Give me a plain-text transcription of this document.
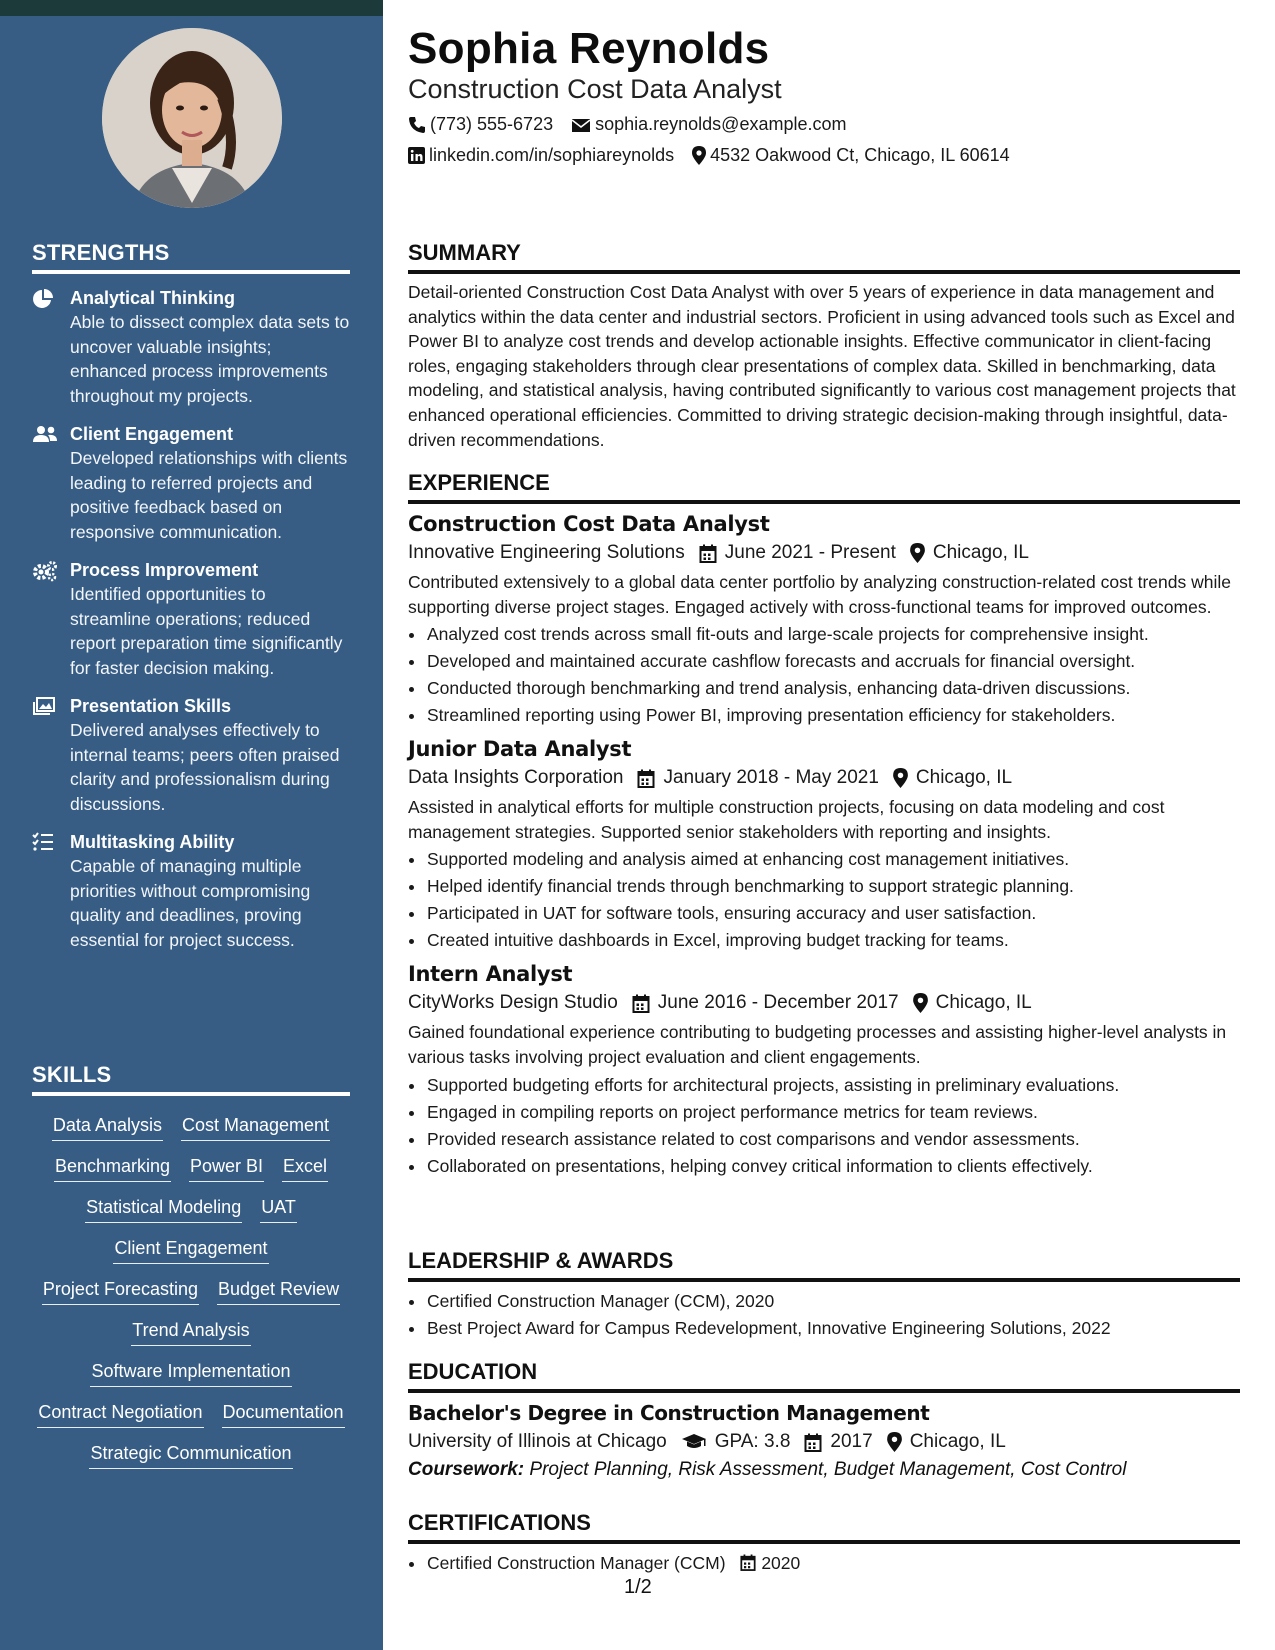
STRENGTHS
Analytical Thinking
Able to dissect complex data sets to uncover valuable insights; enhanced process improvements throughout my projects.
Client Engagement
Developed relationships with clients leading to referred projects and positive feedback based on responsive communication.
Process Improvement
Identified opportunities to streamline operations; reduced report preparation time significantly for faster decision making.
Presentation Skills
Delivered analyses effectively to internal teams; peers often praised clarity and professionalism during discussions.
Multitasking Ability
Capable of managing multiple priorities without compromising quality and deadlines, proving essential for project success.
SKILLS
Data Analysis Cost Management
Benchmarking Power BI Excel
Statistical Modeling UAT
Client Engagement
Project Forecasting Budget Review
Trend Analysis
Software Implementation
Contract Negotiation Documentation
Strategic Communication
Sophia Reynolds
Construction Cost Data Analyst
(773) 555-6723 sophia.reynolds@example.com
linkedin.com/in/sophiareynolds 4532 Oakwood Ct, Chicago, IL 60614
SUMMARY
Detail-oriented Construction Cost Data Analyst with over 5 years of experience in data management and analytics within the data center and industrial sectors. Proficient in using advanced tools such as Excel and Power BI to analyze cost trends and develop actionable insights. Effective communicator in client-facing roles, engaging stakeholders through clear presentations of complex data. Skilled in benchmarking, data modeling, and statistical analysis, having contributed significantly to various cost management projects that enhanced operational efficiencies. Committed to driving strategic decision-making through insightful, data-driven recommendations.
EXPERIENCE
Construction Cost Data Analyst
Innovative Engineering Solutions June 2021 - Present Chicago, IL
Contributed extensively to a global data center portfolio by analyzing construction-related cost trends while supporting diverse project stages. Engaged actively with cross-functional teams for improved outcomes.
• Analyzed cost trends across small fit-outs and large-scale projects for comprehensive insight.
• Developed and maintained accurate cashflow forecasts and accruals for financial oversight.
• Conducted thorough benchmarking and trend analysis, enhancing data-driven discussions.
• Streamlined reporting using Power BI, improving presentation efficiency for stakeholders.
Junior Data Analyst
Data Insights Corporation January 2018 - May 2021 Chicago, IL
Assisted in analytical efforts for multiple construction projects, focusing on data modeling and cost management strategies. Supported senior stakeholders with reporting and insights.
• Supported modeling and analysis aimed at enhancing cost management initiatives.
• Helped identify financial trends through benchmarking to support strategic planning.
• Participated in UAT for software tools, ensuring accuracy and user satisfaction.
• Created intuitive dashboards in Excel, improving budget tracking for teams.
Intern Analyst
CityWorks Design Studio June 2016 - December 2017 Chicago, IL
Gained foundational experience contributing to budgeting processes and assisting higher-level analysts in various tasks involving project evaluation and client engagements.
• Supported budgeting efforts for architectural projects, assisting in preliminary evaluations.
• Engaged in compiling reports on project performance metrics for team reviews.
• Provided research assistance related to cost comparisons and vendor assessments.
• Collaborated on presentations, helping convey critical information to clients effectively.
LEADERSHIP & AWARDS
• Certified Construction Manager (CCM), 2020
• Best Project Award for Campus Redevelopment, Innovative Engineering Solutions, 2022
EDUCATION
Bachelor's Degree in Construction Management
University of Illinois at Chicago	GPA: 3.8 2017 Chicago, IL
Coursework: Project Planning, Risk Assessment, Budget Management, Cost Control
CERTIFICATIONS
• Certified Construction Manager (CCM) 2020
1/2
